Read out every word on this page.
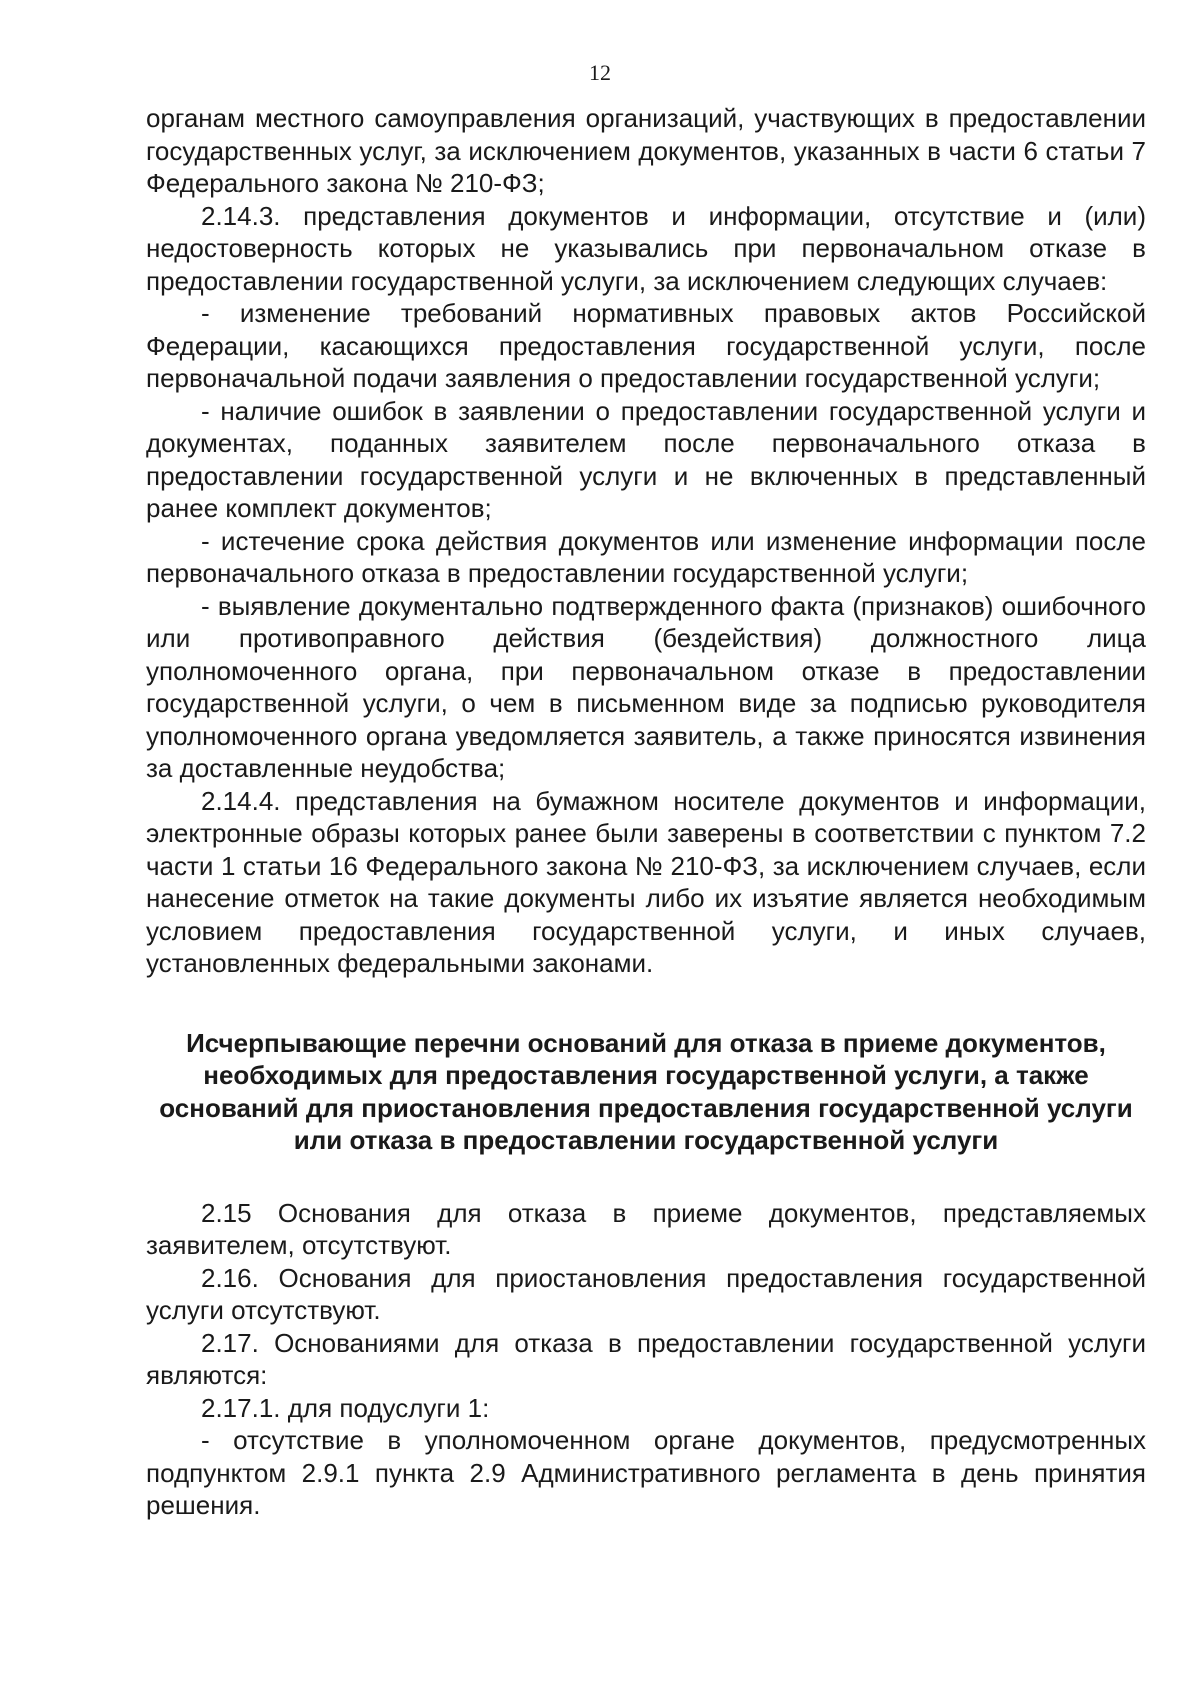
12

органам местного самоуправления организаций, участвующих в предоставлении государственных услуг, за исключением документов, указанных в части 6 статьи 7 Федерального закона № 210-ФЗ;

2.14.3. представления документов и информации, отсутствие и (или) недостоверность которых не указывались при первоначальном отказе в предоставлении государственной услуги, за исключением следующих случаев:

- изменение требований нормативных правовых актов Российской Федерации, касающихся предоставления государственной услуги, после первоначальной подачи заявления о предоставлении государственной услуги;

- наличие ошибок в заявлении о предоставлении государственной услуги и документах, поданных заявителем после первоначального отказа в предоставлении государственной услуги и не включенных в представленный ранее комплект документов;

- истечение срока действия документов или изменение информации после первоначального отказа в предоставлении государственной услуги;

- выявление документально подтвержденного факта (признаков) ошибочного или противоправного действия (бездействия) должностного лица уполномоченного органа, при первоначальном отказе в предоставлении государственной услуги, о чем в письменном виде за подписью руководителя уполномоченного органа уведомляется заявитель, а также приносятся извинения за доставленные неудобства;

2.14.4. представления на бумажном носителе документов и информации, электронные образы которых ранее были заверены в соответствии с пунктом 7.2 части 1 статьи 16 Федерального закона № 210-ФЗ, за исключением случаев, если нанесение отметок на такие документы либо их изъятие является необходимым условием предоставления государственной услуги, и иных случаев, установленных федеральными законами.

Исчерпывающие перечни оснований для отказа в приеме документов, необходимых для предоставления государственной услуги, а также оснований для приостановления предоставления государственной услуги или отказа в предоставлении государственной услуги

2.15 Основания для отказа в приеме документов, представляемых заявителем, отсутствуют.

2.16. Основания для приостановления предоставления государственной услуги отсутствуют.

2.17. Основаниями для отказа в предоставлении государственной услуги являются:

2.17.1. для подуслуги 1:

- отсутствие в уполномоченном органе документов, предусмотренных подпунктом 2.9.1 пункта 2.9 Административного регламента в день принятия решения.
